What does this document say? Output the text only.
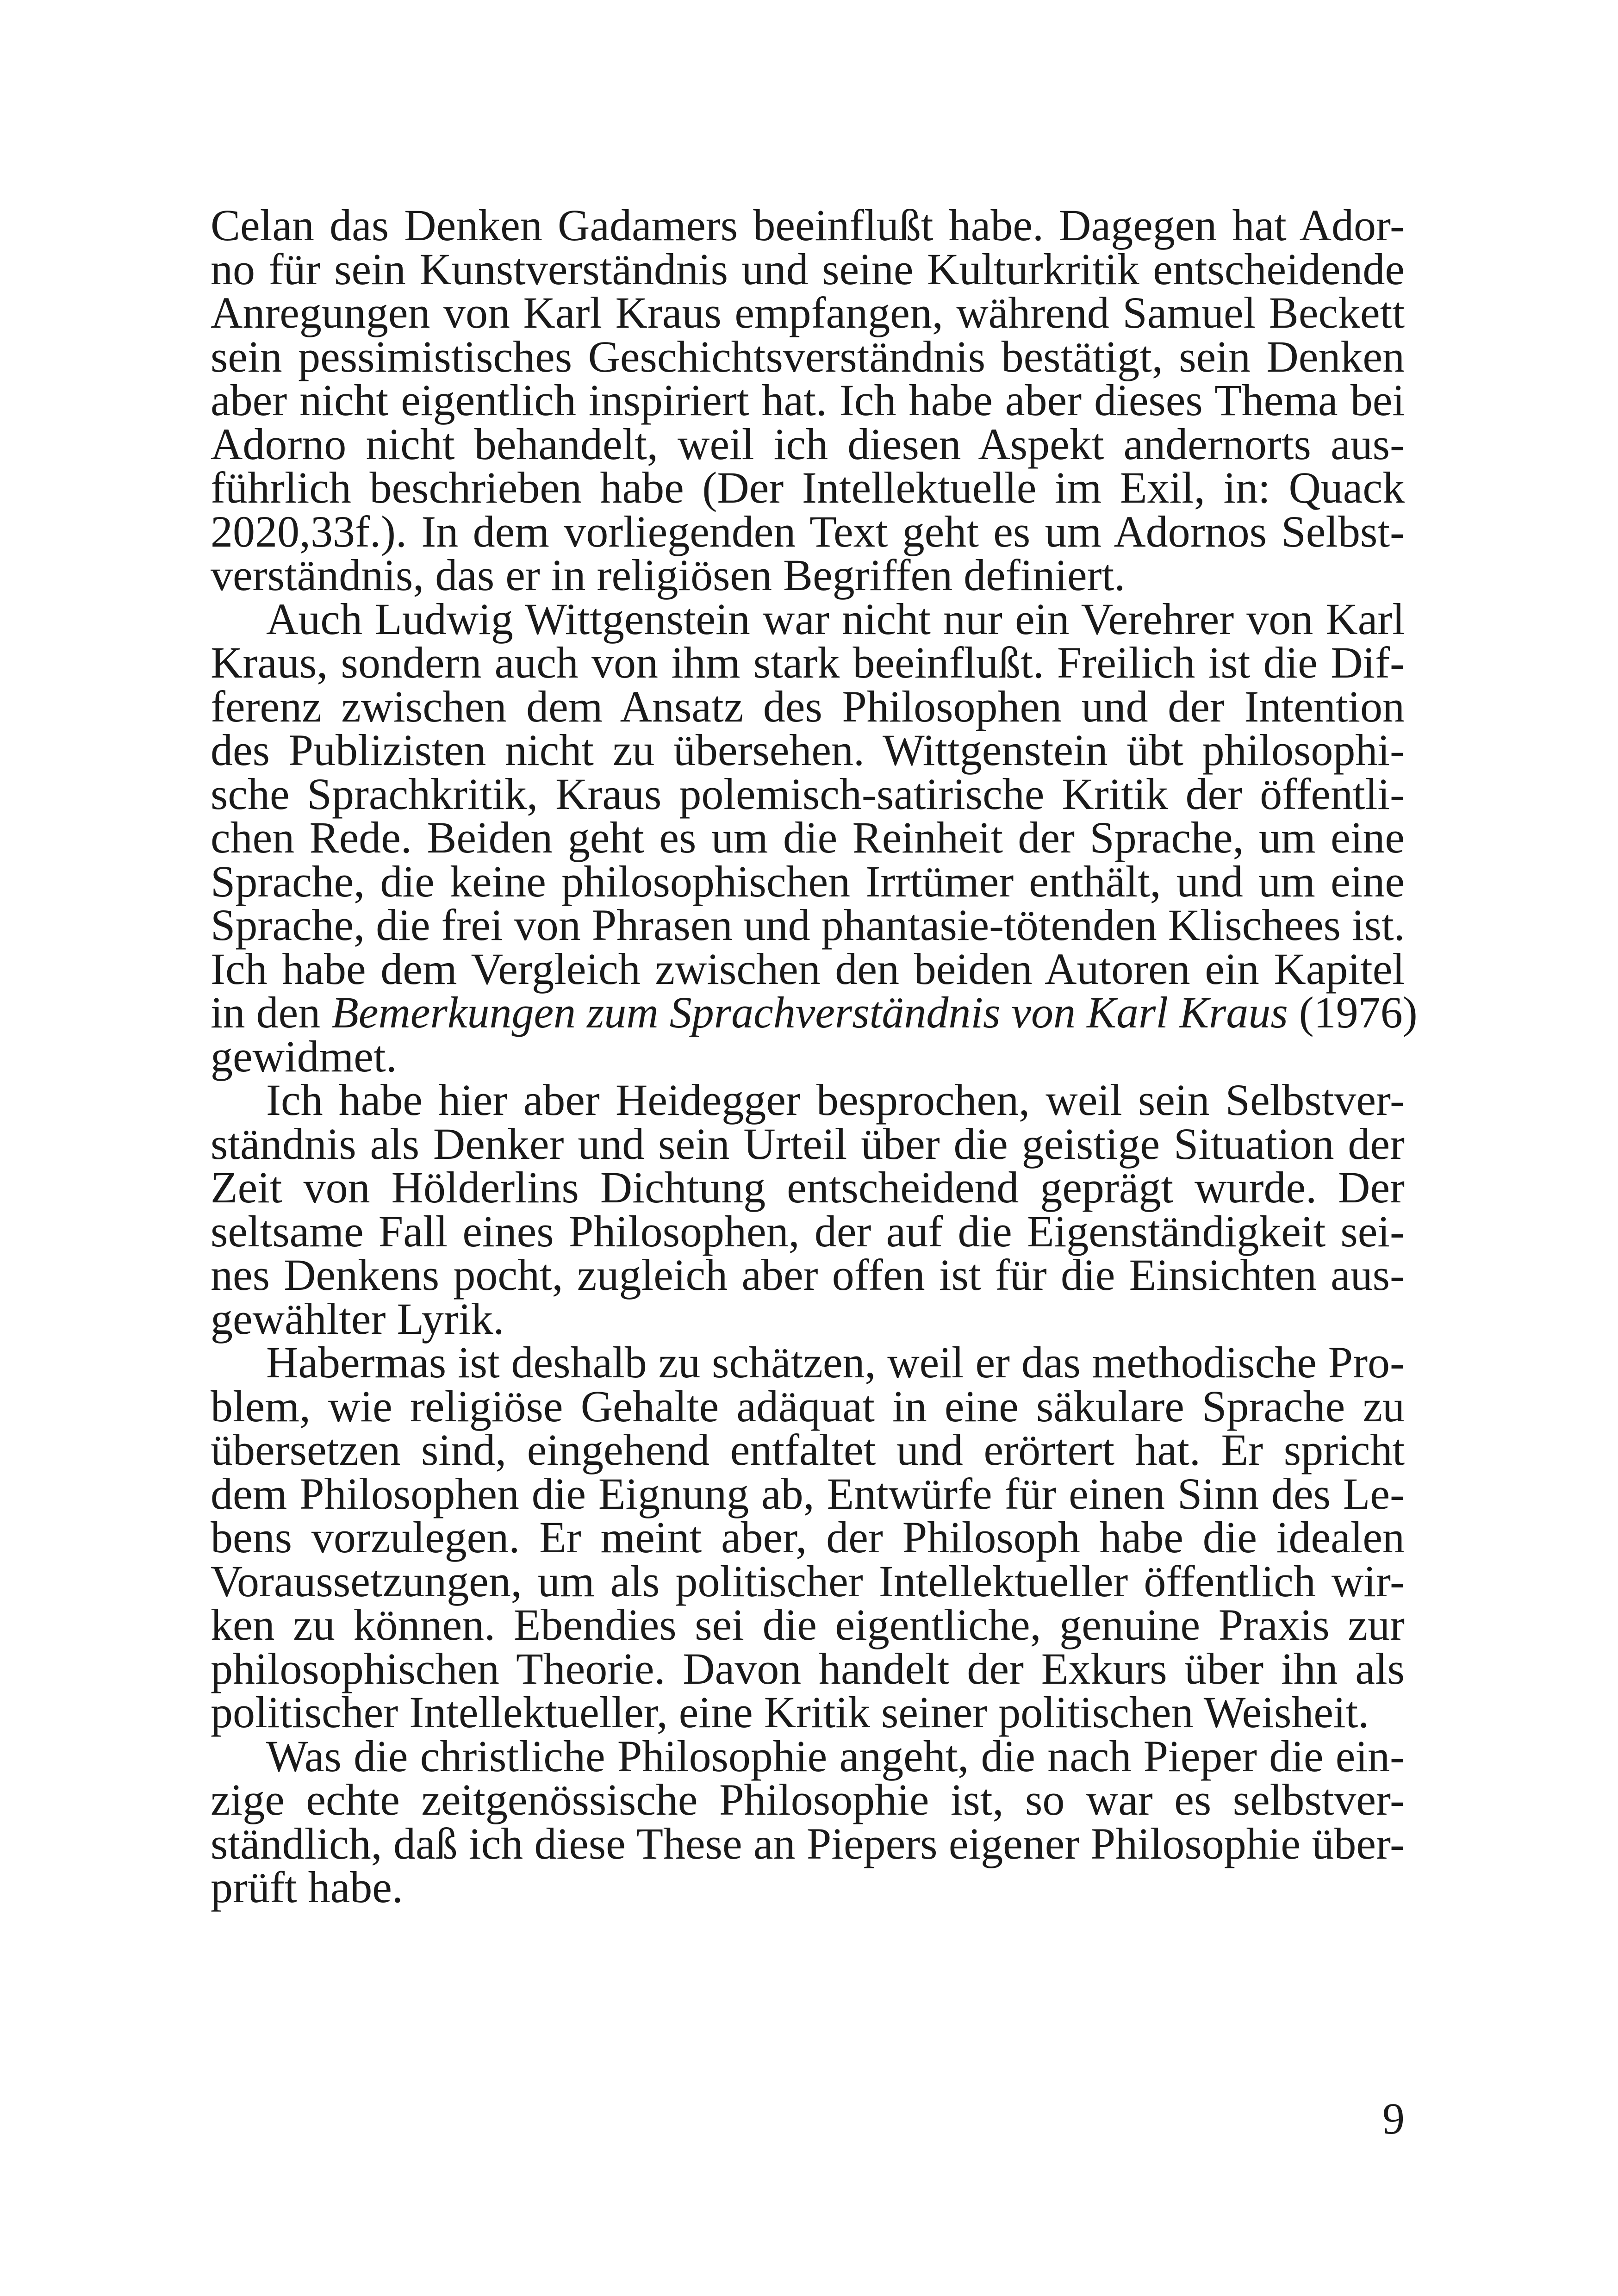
Celan das Denken Gadamers beeinflußt habe. Dagegen hat Ador-
no für sein Kunstverständnis und seine Kulturkritik entscheidende
Anregungen von Karl Kraus empfangen, während Samuel Beckett
sein pessimistisches Geschichtsverständnis bestätigt, sein Denken
aber nicht eigentlich inspiriert hat. Ich habe aber dieses Thema bei
Adorno nicht behandelt, weil ich diesen Aspekt andernorts aus-
führlich beschrieben habe (Der Intellektuelle im Exil, in: Quack
2020,33f.). In dem vorliegenden Text geht es um Adornos Selbst-
verständnis, das er in religiösen Begriffen definiert.

Auch Ludwig Wittgenstein war nicht nur ein Verehrer von Karl
Kraus, sondern auch von ihm stark beeinflußt. Freilich ist die Dif-
ferenz zwischen dem Ansatz des Philosophen und der Intention
des Publizisten nicht zu übersehen. Wittgenstein übt philosophi-
sche Sprachkritik, Kraus polemisch-satirische Kritik der öffentli-
chen Rede. Beiden geht es um die Reinheit der Sprache, um eine
Sprache, die keine philosophischen Irrtümer enthält, und um eine
Sprache, die frei von Phrasen und phantasie-tötenden Klischees ist.
Ich habe dem Vergleich zwischen den beiden Autoren ein Kapitel
in den Bemerkungen zum Sprachverständnis von Karl Kraus (1976)
gewidmet.

Ich habe hier aber Heidegger besprochen, weil sein Selbstver-
ständnis als Denker und sein Urteil über die geistige Situation der
Zeit von Hölderlins Dichtung entscheidend geprägt wurde. Der
seltsame Fall eines Philosophen, der auf die Eigenständigkeit sei-
nes Denkens pocht, zugleich aber offen ist für die Einsichten aus-
gewählter Lyrik.

Habermas ist deshalb zu schätzen, weil er das methodische Pro-
blem, wie religiöse Gehalte adäquat in eine säkulare Sprache zu
übersetzen sind, eingehend entfaltet und erörtert hat. Er spricht
dem Philosophen die Eignung ab, Entwürfe für einen Sinn des Le-
bens vorzulegen. Er meint aber, der Philosoph habe die idealen
Voraussetzungen, um als politischer Intellektueller öffentlich wir-
ken zu können. Ebendies sei die eigentliche, genuine Praxis zur
philosophischen Theorie. Davon handelt der Exkurs über ihn als
politischer Intellektueller, eine Kritik seiner politischen Weisheit.

Was die christliche Philosophie angeht, die nach Pieper die ein-
zige echte zeitgenössische Philosophie ist, so war es selbstver-
ständlich, daß ich diese These an Piepers eigener Philosophie über-
prüft habe.

9
